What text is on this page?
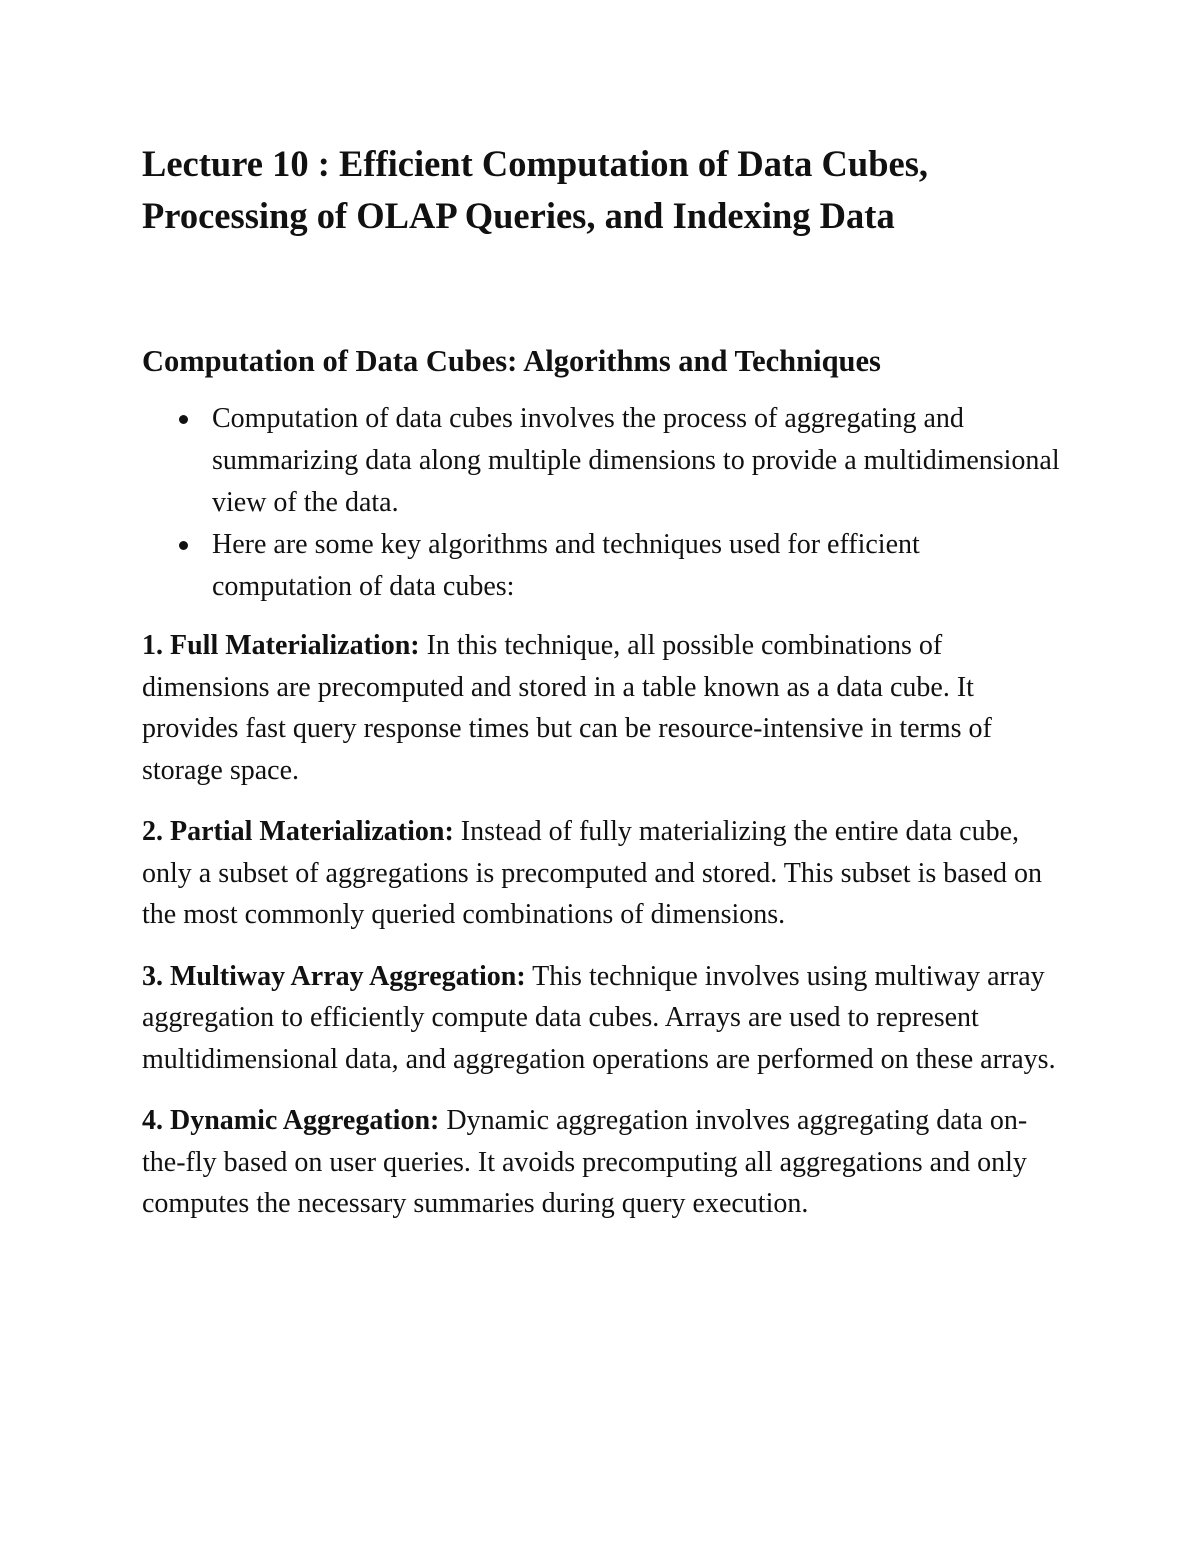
Lecture 10 : Efficient Computation of Data Cubes,
Processing of OLAP Queries, and Indexing Data
Computation of Data Cubes: Algorithms and Techniques
Computation of data cubes involves the process of aggregating and summarizing data along multiple dimensions to provide a multidimensional view of the data.
Here are some key algorithms and techniques used for efficient computation of data cubes:

1. Full Materialization: In this technique, all possible combinations of dimensions are precomputed and stored in a table known as a data cube. It provides fast query response times but can be resource-intensive in terms of storage space.

2. Partial Materialization: Instead of fully materializing the entire data cube, only a subset of aggregations is precomputed and stored. This subset is based on the most commonly queried combinations of dimensions.

3. Multiway Array Aggregation: This technique involves using multiway array aggregation to efficiently compute data cubes. Arrays are used to represent multidimensional data, and aggregation operations are performed on these arrays.

4. Dynamic Aggregation: Dynamic aggregation involves aggregating data on-the-fly based on user queries. It avoids precomputing all aggregations and only computes the necessary summaries during query execution.
